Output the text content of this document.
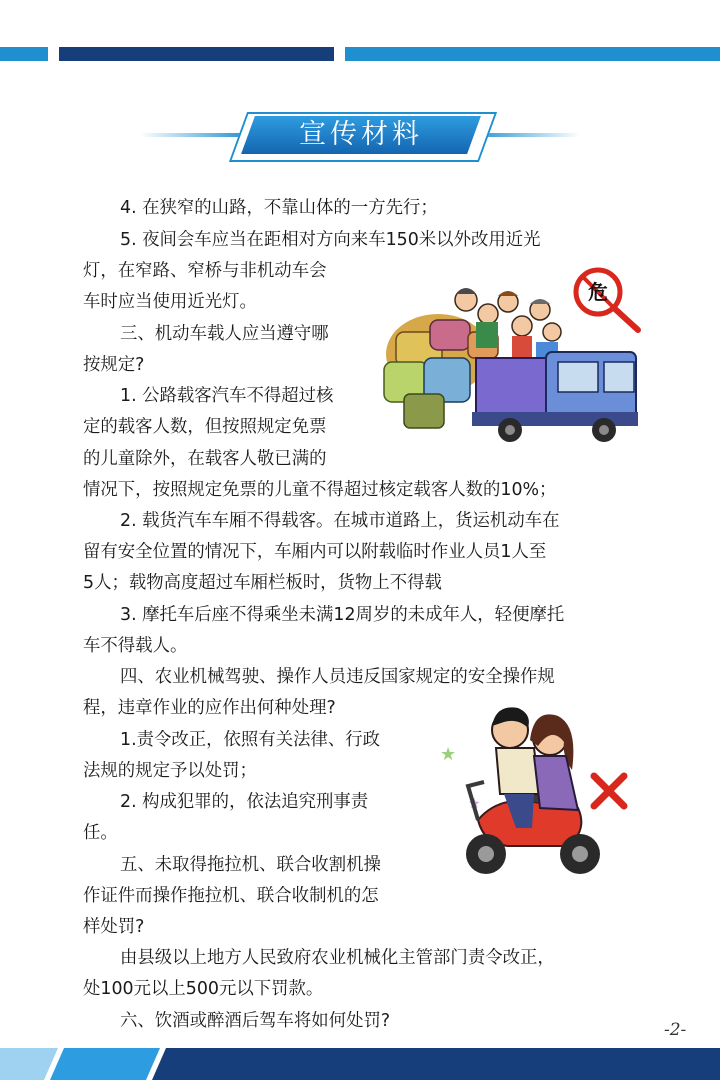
宣传材料
4. 在狭窄的山路，不靠山体的一方先行；
5. 夜间会车应当在距相对方向来车150米以外改用近光
灯，在窄路、窄桥与非机动车会
车时应当使用近光灯。
三、机动车载人应当遵守哪
按规定?
1. 公路载客汽车不得超过核
定的载客人数，但按照规定免票
的儿童除外，在载客人敬已满的
情况下，按照规定免票的儿童不得超过核定载客人数的10%；
2. 载货汽车车厢不得载客。在城市道路上，货运机动车在
留有安全位置的情况下，车厢内可以附载临时作业人员1人至
5人；载物高度超过车厢栏板时，货物上不得载
3. 摩托车后座不得乘坐未满12周岁的未成年人，轻便摩托
车不得载人。
四、农业机械驾驶、操作人员违反国家规定的安全操作规
程，违章作业的应作出何种处理?
1.责令改正，依照有关法律、行政
法规的规定予以处罚；
2. 构成犯罪的，依法追究刑事责
任。
五、未取得拖拉机、联合收割机操
作证件而操作拖拉机、联合收制机的怎
样处罚?
由县级以上地方人民致府农业机械化主管部门责令改正，
处100元以上500元以下罚款。
六、饮酒或醉酒后驾车将如何处罚?
危
★
★
-2-
